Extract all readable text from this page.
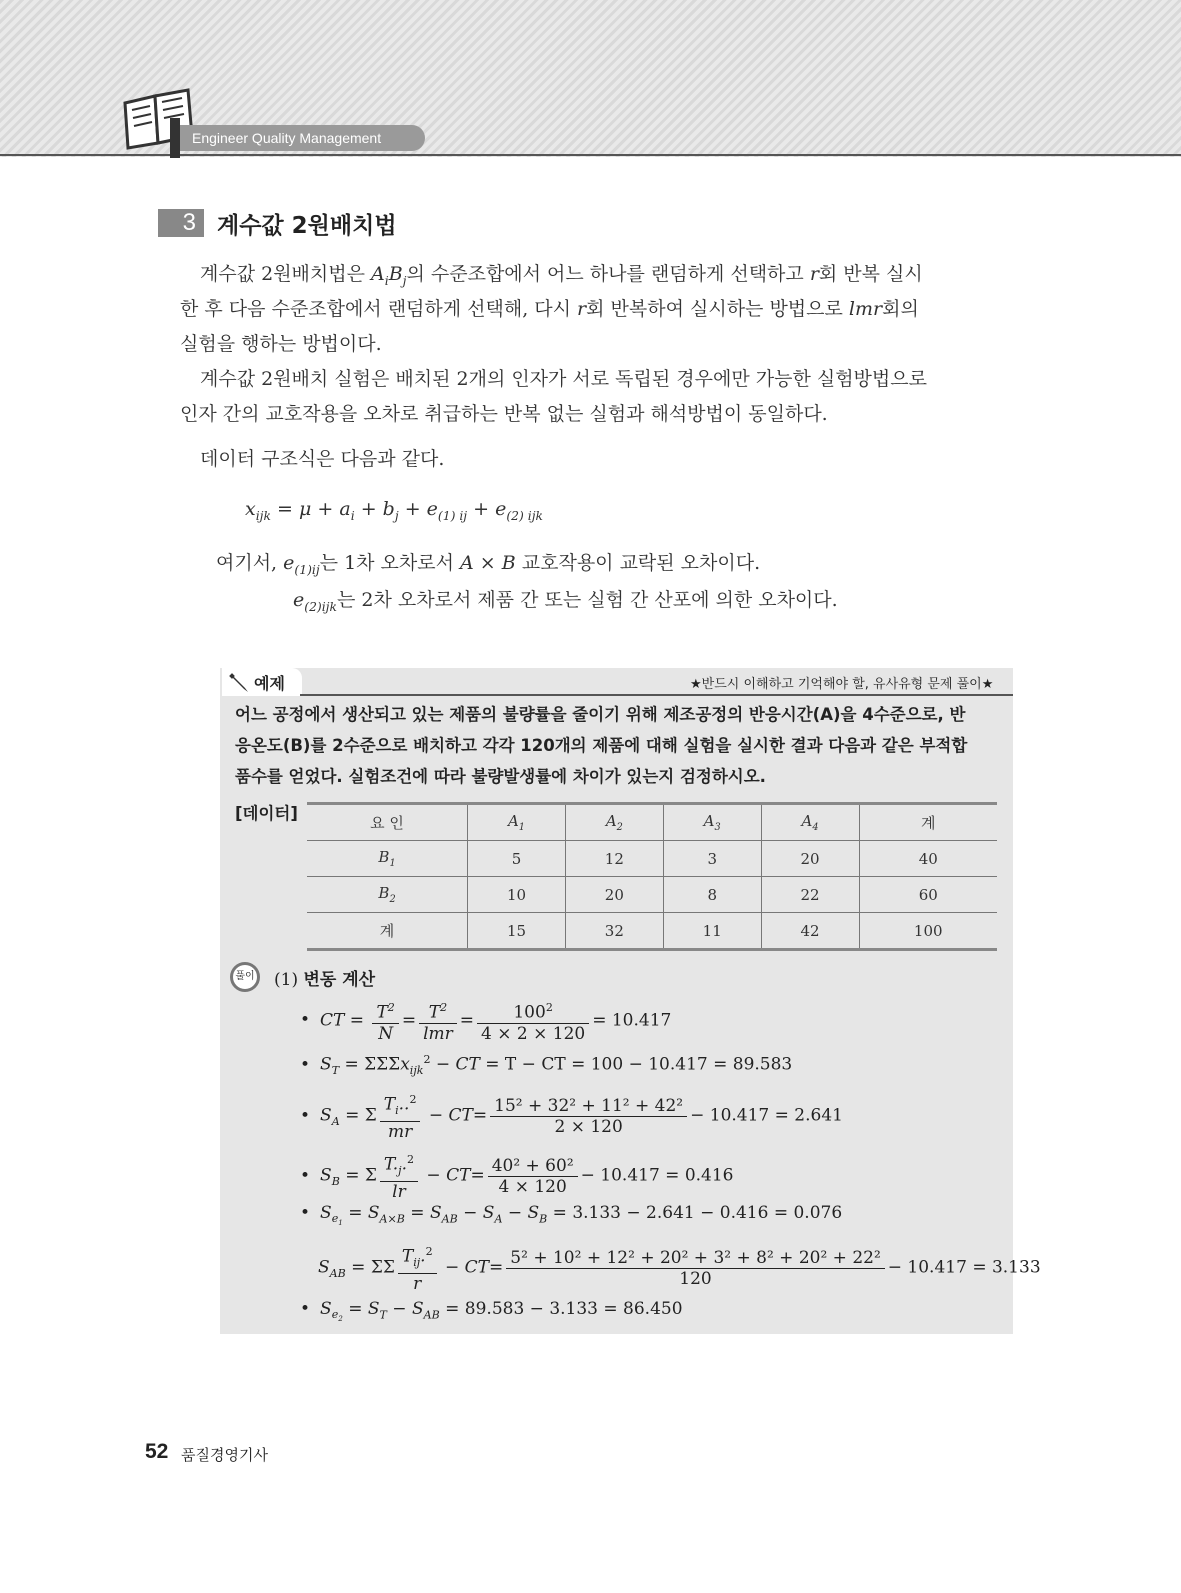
Engineer Quality Management
3 계수값 2원배치법
계수값 2원배치법은 $A_iB_j$의 수준조합에서 어느 하나를 랜덤하게 선택하고 r회 반복 실시
한 후 다음 수준조합에서 랜덤하게 선택해, 다시 r회 반복하여 실시하는 방법으로 lmr회의
실험을 행하는 방법이다.
계수값 2원배치 실험은 배치된 2개의 인자가 서로 독립된 경우에만 가능한 실험방법으로
인자 간의 교호작용을 오차로 취급하는 반복 없는 실험과 해석방법이 동일하다.
데이터 구조식은 다음과 같다.
$x_{ijk} = \mu + a_i + b_j + e_{(1) ij} + e_{(2) ijk}$
여기서, $e_{(1)ij}$는 1차 오차로서 A × B 교호작용이 교락된 오차이다.
$e_{(2)ijk}$는 2차 오차로서 제품 간 또는 실험 간 산포에 의한 오차이다.
예제	★반드시 이해하고 기억해야 할, 유사유형 문제 풀이★
어느 공정에서 생산되고 있는 제품의 불량률을 줄이기 위해 제조공정의 반응시간(A)을 4수준으로, 반
응온도(B)를 2수준으로 배치하고 각각 120개의 제품에 대해 실험을 실시한 결과 다음과 같은 부적합
품수를 얻었다. 실험조건에 따라 불량발생률에 차이가 있는지 검정하시오.
[데이터]	요 인	$A_1$	$A_2$	$A_3$	$A_4$	계
$B_1$	5	12	3	20	40
$B_2$	10	20	8	22	60
계	15	32	11	42	100
풀이	(1) 변동 계산
• CT = $\frac{T^2}{N} = \frac{T^2}{\text{lmr}} = \frac{100^2}{4 \times 2 \times 120} = 10.417$
• $S_T = \Sigma\Sigma\Sigma x_{ijk}^2$ − CT = T − CT = 100 − 10.417 = 89.583
• $S_A = \Sigma \frac{T_i..^2}{mr} - CT= \frac{\text{15² + 32² + 11² + 42²}}{2 \times 120} - 10.417 = 2.641$
• $S_B = \Sigma \frac{T._j.^2}{lr} - CT= \frac{\text{40² + 60²}}{4 \times 120} - 10.417 = 0.416$
• $S_{e_1} = S_{A\times B} = S_{AB} - S_A - S_B = 3.133 - 2.641 - 0.416 = 0.076$
$S_{AB} = \Sigma\Sigma \frac{T_{ij}.^2}{r} - CT= \frac{\text{5² + 10² + 12² + 20² + 3² + 8² + 20² + 22²}}{120} - 10.417 = 3.133$
• $S_{e_2} = S_T - S_{AB} = 89.583 - 3.133 = 86.450$
52 품질경영기사
